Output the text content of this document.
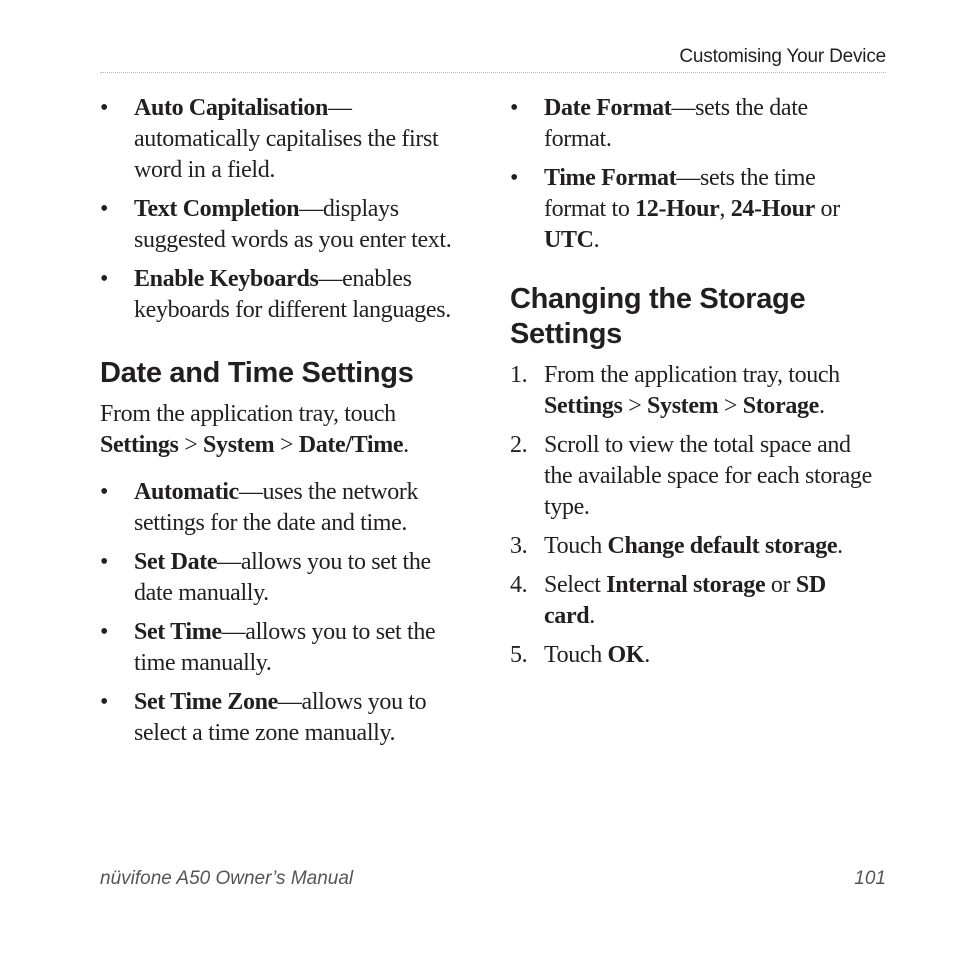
Customising Your Device
• Auto Capitalisation—automatically capitalises the first word in a field.
• Text Completion—displays suggested words as you enter text.
• Enable Keyboards—enables keyboards for different languages.
Date and Time Settings

From the application tray, touch Settings > System > Date/Time.

• Automatic—uses the network settings for the date and time.
• Set Date—allows you to set the date manually.
• Set Time—allows you to set the time manually.
• Set Time Zone—allows you to select a time zone manually.
• Date Format—sets the date format.
• Time Format—sets the time format to 12-Hour, 24-Hour or UTC.
Changing the Storage Settings
1. From the application tray, touch Settings > System > Storage.
2. Scroll to view the total space and the available space for each storage type.
3. Touch Change default storage.
4. Select Internal storage or SD card.
5. Touch OK.
nüvifone A50 Owner’s Manual	101
